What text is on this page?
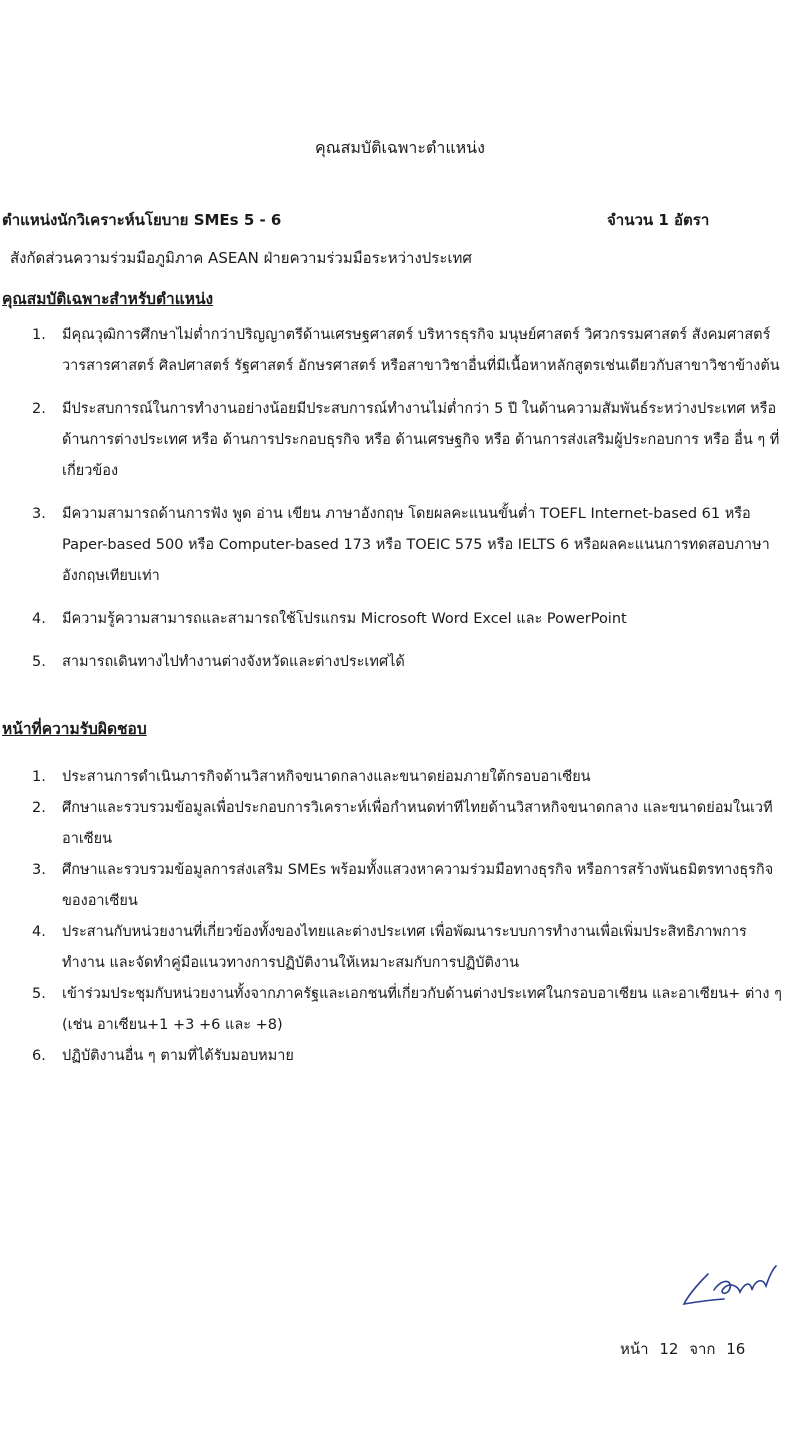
คุณสมบัติเฉพาะตำแหน่ง
ตำแหน่งนักวิเคราะห์นโยบาย SMEs 5 - 6	จำนวน 1 อัตรา
สังกัดส่วนความร่วมมือภูมิภาค ASEAN ฝ่ายความร่วมมือระหว่างประเทศ
คุณสมบัติเฉพาะสำหรับตำแหน่ง
1. มีคุณวุฒิการศึกษาไม่ต่ำกว่าปริญญาตรีด้านเศรษฐศาสตร์ บริหารธุรกิจ มนุษย์ศาสตร์ วิศวกรรมศาสตร์ สังคมศาสตร์ วารสารศาสตร์ ศิลปศาสตร์ รัฐศาสตร์ อักษรศาสตร์ หรือสาขาวิชาอื่นที่มีเนื้อหาหลักสูตรเช่นเดียวกับสาขาวิชาข้างต้น
2. มีประสบการณ์ในการทำงานอย่างน้อยมีประสบการณ์ทำงานไม่ต่ำกว่า 5 ปี ในด้านความสัมพันธ์ระหว่างประเทศ หรือ ด้านการต่างประเทศ หรือ ด้านการประกอบธุรกิจ หรือ ด้านเศรษฐกิจ หรือ ด้านการส่งเสริมผู้ประกอบการ หรือ อื่น ๆ ที่เกี่ยวข้อง
3. มีความสามารถด้านการฟัง พูด อ่าน เขียน ภาษาอังกฤษ โดยผลคะแนนขั้นต่ำ TOEFL Internet-based 61 หรือ Paper-based 500 หรือ Computer-based 173 หรือ TOEIC 575 หรือ IELTS 6 หรือผลคะแนนการทดสอบภาษาอังกฤษเทียบเท่า
4. มีความรู้ความสามารถและสามารถใช้โปรแกรม Microsoft Word Excel และ PowerPoint
5. สามารถเดินทางไปทำงานต่างจังหวัดและต่างประเทศได้
หน้าที่ความรับผิดชอบ
1. ประสานการดำเนินภารกิจด้านวิสาหกิจขนาดกลางและขนาดย่อมภายใต้กรอบอาเซียน
2. ศึกษาและรวบรวมข้อมูลเพื่อประกอบการวิเคราะห์เพื่อกำหนดท่าทีไทยด้านวิสาหกิจขนาดกลาง และขนาดย่อมในเวทีอาเซียน
3. ศึกษาและรวบรวมข้อมูลการส่งเสริม SMEs พร้อมทั้งแสวงหาความร่วมมือทางธุรกิจ หรือการสร้างพันธมิตรทางธุรกิจของอาเซียน
4. ประสานกับหน่วยงานที่เกี่ยวข้องทั้งของไทยและต่างประเทศ เพื่อพัฒนาระบบการทำงานเพื่อเพิ่มประสิทธิภาพการทำงาน และจัดทำคู่มือแนวทางการปฏิบัติงานให้เหมาะสมกับการปฏิบัติงาน
5. เข้าร่วมประชุมกับหน่วยงานทั้งจากภาครัฐและเอกชนที่เกี่ยวกับด้านต่างประเทศในกรอบอาเซียน และอาเซียน+ ต่าง ๆ (เช่น อาเซียน+1 +3 +6 และ +8)
6. ปฏิบัติงานอื่น ๆ ตามที่ได้รับมอบหมาย
หน้า 12 จาก 16
